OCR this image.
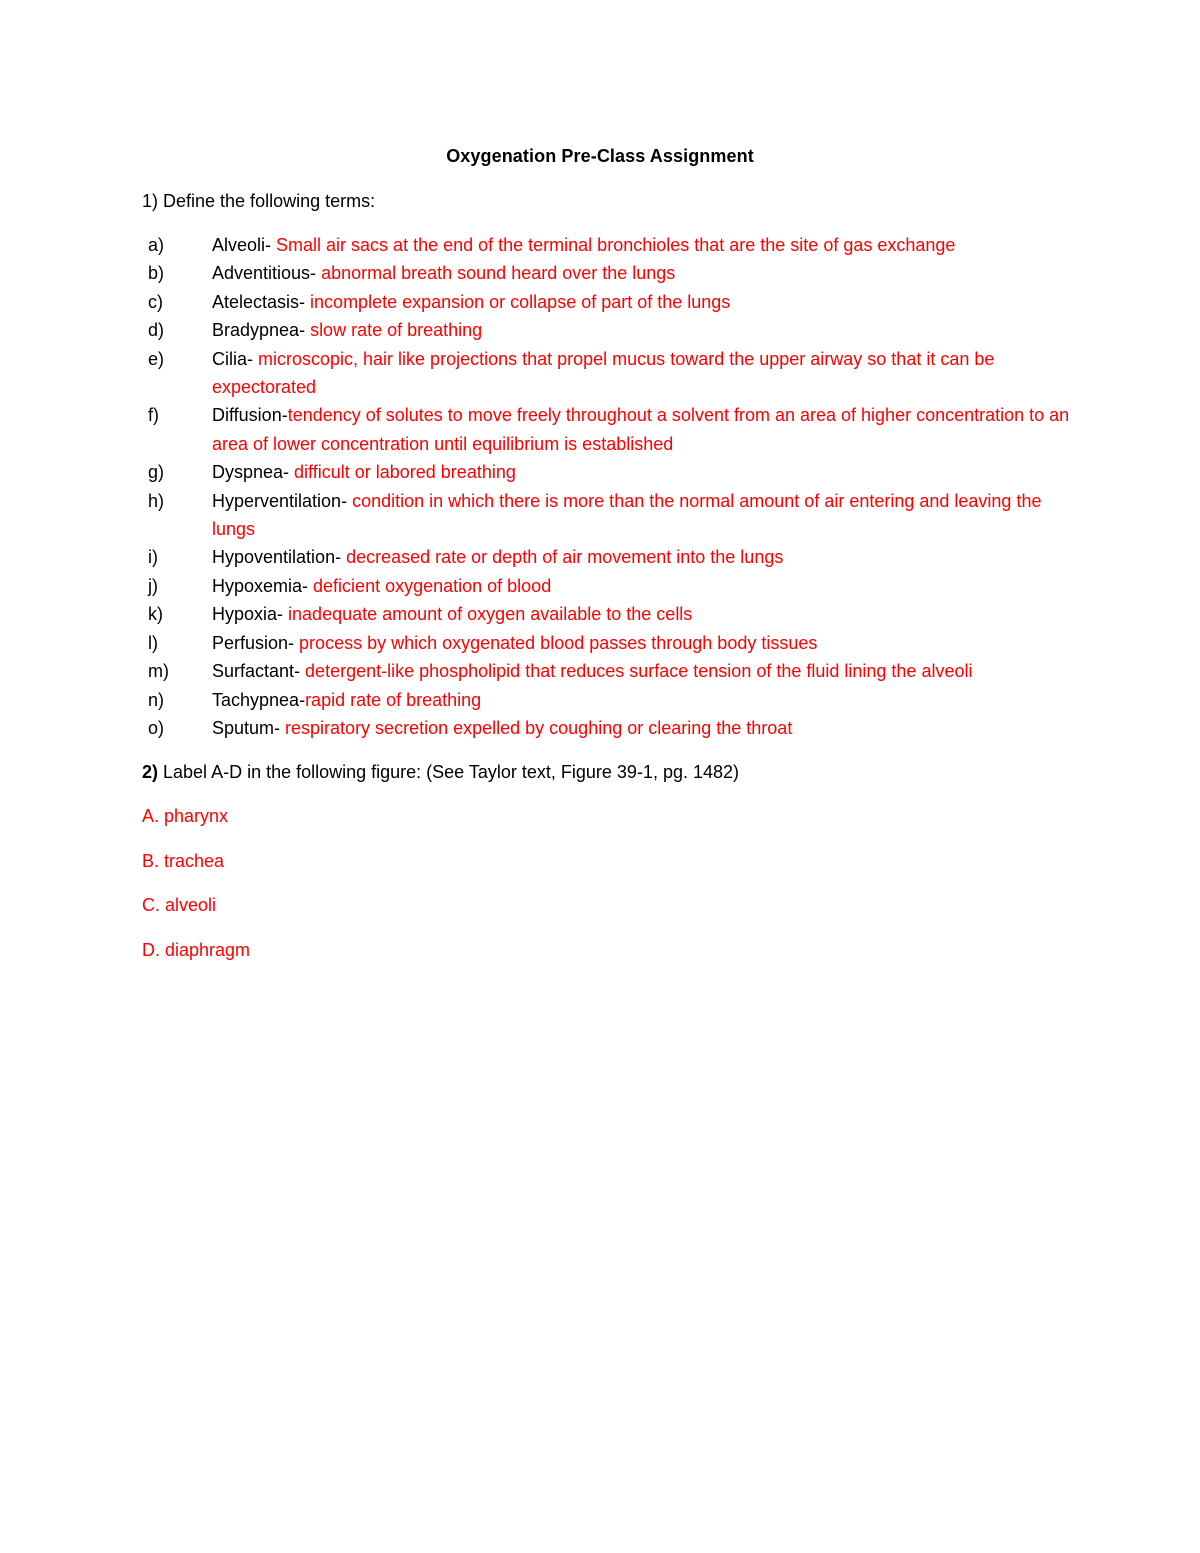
Oxygenation Pre-Class Assignment
1) Define the following terms:
a)	Alveoli- Small air sacs at the end of the terminal bronchioles that are the site of gas exchange
b)	Adventitious- abnormal breath sound heard over the lungs
c)	Atelectasis- incomplete expansion or collapse of part of the lungs
d)	Bradypnea- slow rate of breathing
e)	Cilia- microscopic, hair like projections that propel mucus toward the upper airway so that it can be expectorated
f)	Diffusion-tendency of solutes to move freely throughout a solvent from an area of higher concentration to an area of lower concentration until equilibrium is established
g)	Dyspnea- difficult or labored breathing
h)	Hyperventilation- condition in which there is more than the normal amount of air entering and leaving the lungs
i)	Hypoventilation- decreased rate or depth of air movement into the lungs
j)	Hypoxemia- deficient oxygenation of blood
k)	Hypoxia- inadequate amount of oxygen available to the cells
l)	Perfusion- process by which oxygenated blood passes through body tissues
m) Surfactant- detergent-like phospholipid that reduces surface tension of the fluid lining the alveoli
n)	Tachypnea-rapid rate of breathing
o)	Sputum- respiratory secretion expelled by coughing or clearing the throat
2) Label A-D in the following figure: (See Taylor text, Figure 39-1, pg. 1482)
A. pharynx
B. trachea
C. alveoli
D. diaphragm
